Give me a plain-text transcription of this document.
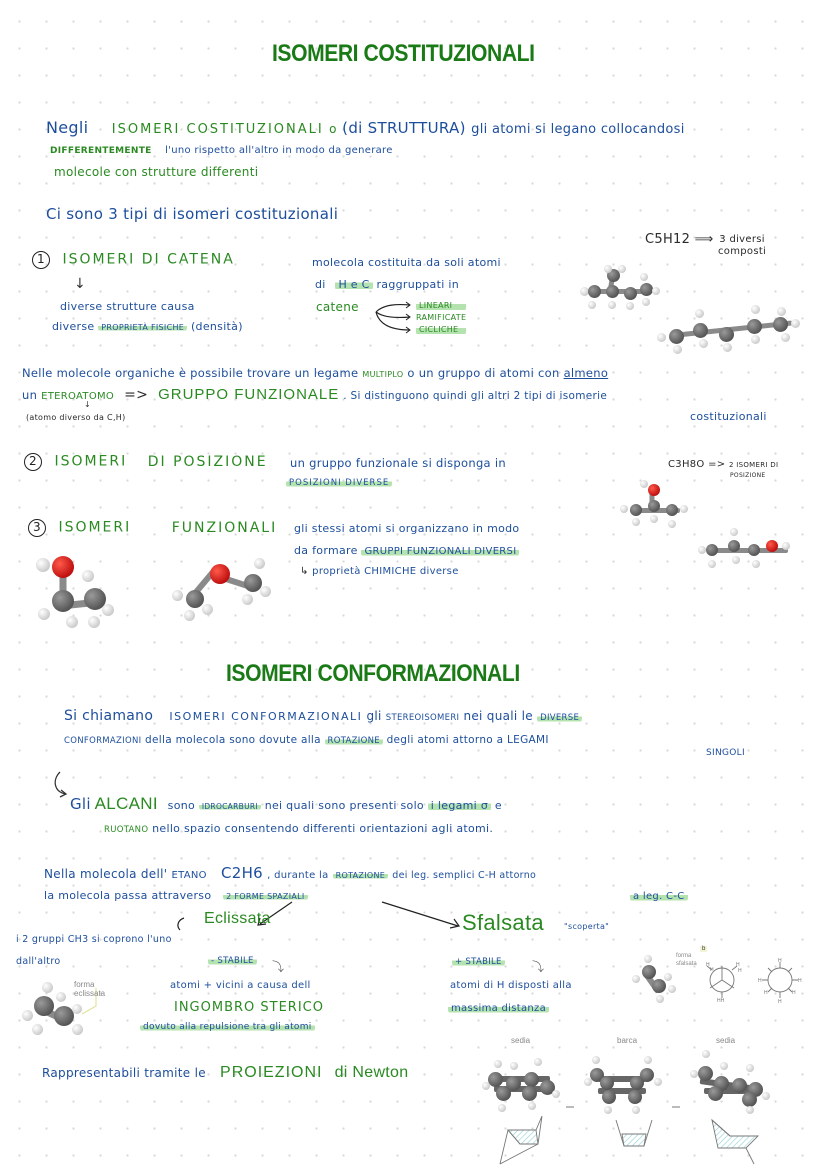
ISOMERI COSTITUZIONALI
Negli ISOMERI COSTITUZIONALI o (di STRUTTURA) gli atomi si legano collocandosi
DIFFERENTEMENTE l'uno rispetto all'altro in modo da generare
molecole con strutture differenti
Ci sono 3 tipi di isomeri costituzionali
C5H12 ⟹ 3 diversi
composti
1 ISOMERI DI CATENA
↓
diverse strutture causa
diverse PROPRIETÀ FISICHE (densità)
molecola costituita da soli atomi
di H e C raggruppati in
catene	LINEARI
RAMIFICATE
CICLICHE
Nelle molecole organiche è possibile trovare un legame MULTIPLO o un gruppo di atomi con almeno
un ETEROATOMO => GRUPPO FUNZIONALE . Si distinguono quindi gli altri 2 tipi di isomerie
↓
(atomo diverso da C,H)	costituzionali
2 ISOMERI DI POSIZIONE un gruppo funzionale si disponga in
POSIZIONI DIVERSE
C3H8O => 2 ISOMERI DI
POSIZIONE
3 ISOMERI	FUNZIONALI gli stessi atomi si organizzano in modo
da formare GRUPPI FUNZIONALI DIVERSI
↳ proprietà CHIMICHE diverse
ISOMERI CONFORMAZIONALI
Si chiamano ISOMERI CONFORMAZIONALI gli STEREOISOMERI nei quali le DIVERSE
CONFORMAZIONI della molecola sono dovute alla ROTAZIONE degli atomi attorno a LEGAMI
SINGOLI
Gli ALCANI sono IDROCARBURI nei quali sono presenti solo i legami σ e
RUOTANO nello spazio consentendo differenti orientazioni agli atomi.
Nella molecola dell' ETANO C2H6 , durante la ROTAZIONE dei leg. semplici C-H attorno
la molecola passa attraverso 2 FORME SPAZIALI	a leg. C-C
Eclissata
i 2 gruppi CH3 si coprono l'uno
dall'altro	- STABILE ⤵
atomi + vicini a causa dell
INGOMBRO STERICO
dovuto alla repulsione tra gli atomi
forma
eclissata
Sfalsata	"scoperta"
+ STABILE	⤵
atomi di H disposti alla
massima distanza
forma
sfalsata
b
H
H
H
H
HH
H
H	H
H	H
H
Rappresentabili tramite le PROIEZIONI di Newton
sedia	barca	sedia
